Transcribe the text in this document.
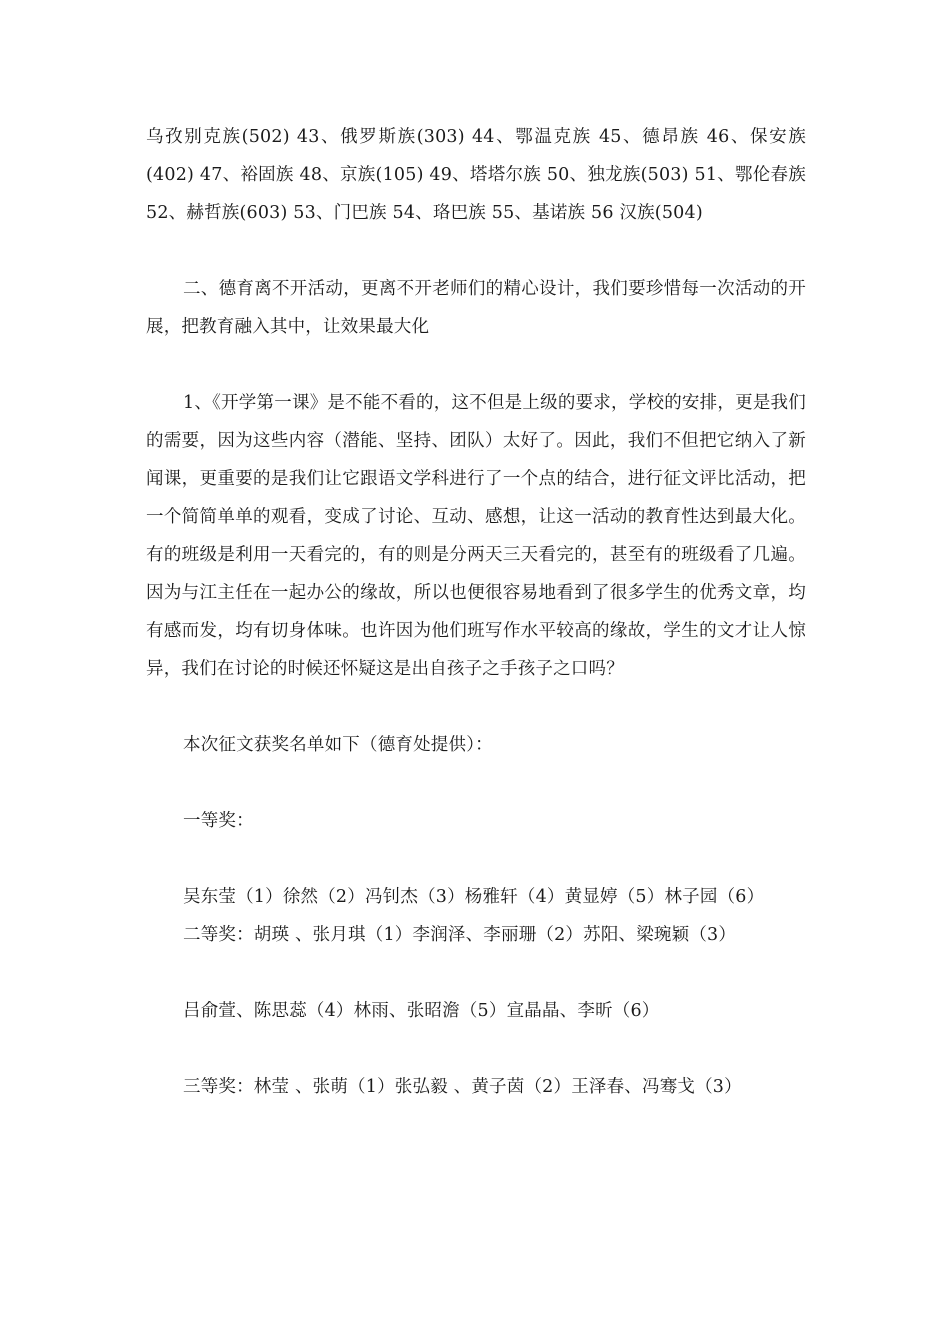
乌孜别克族(502) 43、俄罗斯族(303) 44、鄂温克族 45、德昂族 46、保安族(402) 47、裕固族 48、京族(105) 49、塔塔尔族 50、独龙族(503) 51、鄂伦春族 52、赫哲族(603) 53、门巴族 54、珞巴族 55、基诺族 56 汉族(504)

二、德育离不开活动，更离不开老师们的精心设计，我们要珍惜每一次活动的开展，把教育融入其中，让效果最大化

1、《开学第一课》是不能不看的，这不但是上级的要求，学校的安排，更是我们的需要，因为这些内容（潜能、坚持、团队）太好了。因此，我们不但把它纳入了新闻课，更重要的是我们让它跟语文学科进行了一个点的结合，进行征文评比活动，把一个简简单单的观看，变成了讨论、互动、感想，让这一活动的教育性达到最大化。有的班级是利用一天看完的，有的则是分两天三天看完的，甚至有的班级看了几遍。因为与江主任在一起办公的缘故，所以也便很容易地看到了很多学生的优秀文章，均有感而发，均有切身体味。也许因为他们班写作水平较高的缘故，学生的文才让人惊异，我们在讨论的时候还怀疑这是出自孩子之手孩子之口吗？

本次征文获奖名单如下（德育处提供）：

一等奖：

吴东莹（1）徐然（2）冯钊杰（3）杨雅轩（4）黄显婷（5）林子园（6）

二等奖：胡瑛 、张月琪（1）李润泽、李丽珊（2）苏阳、梁琬颖（3）

吕俞萱、陈思蕊（4）林雨、张昭澹（5）宣晶晶、李昕（6）

三等奖：林莹 、张萌（1）张弘毅 、黄子茵（2）王泽春、冯骞戈（3）
